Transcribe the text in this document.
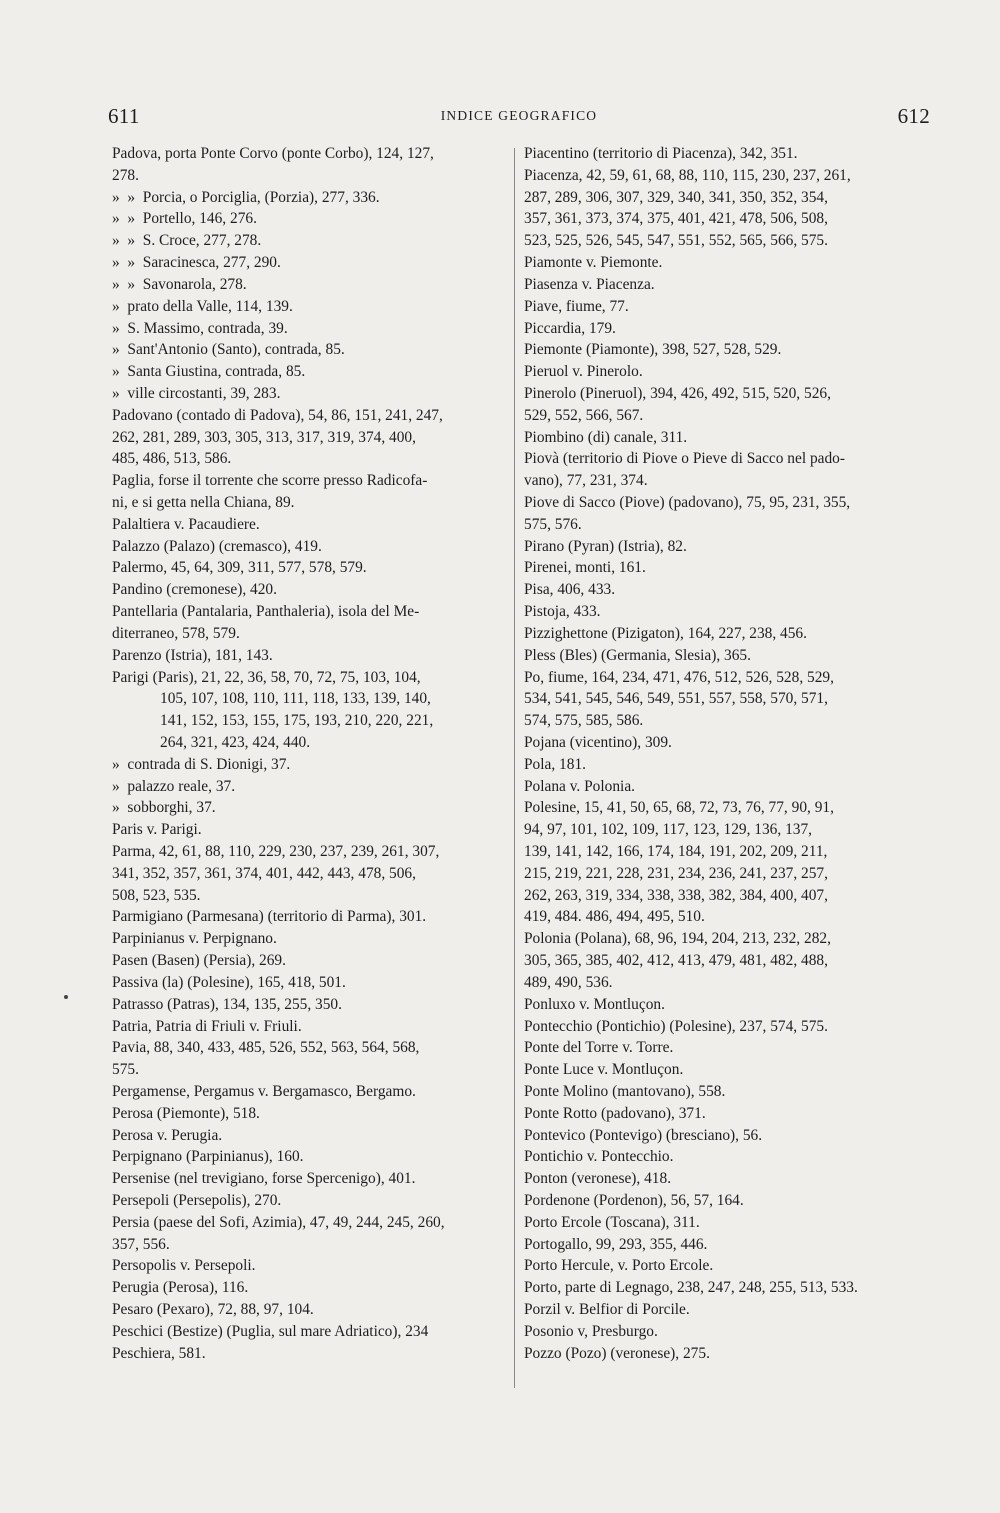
611	INDICE GEOGRAFICO	612
Padova, porta Ponte Corvo (ponte Corbo), 124, 127,
278.
»  »  Porcia, o Porciglia, (Porzia), 277, 336.
»  »  Portello, 146, 276.
»  »  S. Croce, 277, 278.
»  »  Saracinesca, 277, 290.
»  »  Savonarola, 278.
»  prato della Valle, 114, 139.
»  S. Massimo, contrada, 39.
»  Sant'Antonio (Santo), contrada, 85.
»  Santa Giustina, contrada, 85.
»  ville circostanti, 39, 283.
Padovano (contado di Padova), 54, 86, 151, 241, 247,
262, 281, 289, 303, 305, 313, 317, 319, 374, 400,
485, 486, 513, 586.
Paglia, forse il torrente che scorre presso Radicofa-
ni, e si getta nella Chiana, 89.
Palaltiera v. Pacaudiere.
Palazzo (Palazo) (cremasco), 419.
Palermo, 45, 64, 309, 311, 577, 578, 579.
Pandino (cremonese), 420.
Pantellaria (Pantalaria, Panthaleria), isola del Me-
diterraneo, 578, 579.
Parenzo (Istria), 181, 143.
Parigi (Paris), 21, 22, 36, 58, 70, 72, 75, 103, 104,
105, 107, 108, 110, 111, 118, 133, 139, 140,
141, 152, 153, 155, 175, 193, 210, 220, 221,
264, 321, 423, 424, 440.
»  contrada di S. Dionigi, 37.
»  palazzo reale, 37.
»  sobborghi, 37.
Paris v. Parigi.
Parma, 42, 61, 88, 110, 229, 230, 237, 239, 261, 307,
341, 352, 357, 361, 374, 401, 442, 443, 478, 506,
508, 523, 535.
Parmigiano (Parmesana) (territorio di Parma), 301.
Parpinianus v. Perpignano.
Pasen (Basen) (Persia), 269.
Passiva (la) (Polesine), 165, 418, 501.
Patrasso (Patras), 134, 135, 255, 350.
Patria, Patria di Friuli v. Friuli.
Pavia, 88, 340, 433, 485, 526, 552, 563, 564, 568,
575.
Pergamense, Pergamus v. Bergamasco, Bergamo.
Perosa (Piemonte), 518.
Perosa v. Perugia.
Perpignano (Parpinianus), 160.
Persenise (nel trevigiano, forse Spercenigo), 401.
Persepoli (Persepolis), 270.
Persia (paese del Sofi, Azimia), 47, 49, 244, 245, 260,
357, 556.
Persopolis v. Persepoli.
Perugia (Perosa), 116.
Pesaro (Pexaro), 72, 88, 97, 104.
Peschici (Bestize) (Puglia, sul mare Adriatico), 234
Peschiera, 581.
Piacentino (territorio di Piacenza), 342, 351.
Piacenza, 42, 59, 61, 68, 88, 110, 115, 230, 237, 261,
287, 289, 306, 307, 329, 340, 341, 350, 352, 354,
357, 361, 373, 374, 375, 401, 421, 478, 506, 508,
523, 525, 526, 545, 547, 551, 552, 565, 566, 575.
Piamonte v. Piemonte.
Piasenza v. Piacenza.
Piave, fiume, 77.
Piccardia, 179.
Piemonte (Piamonte), 398, 527, 528, 529.
Pieruol v. Pinerolo.
Pinerolo (Pineruol), 394, 426, 492, 515, 520, 526,
529, 552, 566, 567.
Piombino (di) canale, 311.
Piovà (territorio di Piove o Pieve di Sacco nel pado-
vano), 77, 231, 374.
Piove di Sacco (Piove) (padovano), 75, 95, 231, 355,
575, 576.
Pirano (Pyran) (Istria), 82.
Pirenei, monti, 161.
Pisa, 406, 433.
Pistoja, 433.
Pizzighettone (Pizigaton), 164, 227, 238, 456.
Pless (Bles) (Germania, Slesia), 365.
Po, fiume, 164, 234, 471, 476, 512, 526, 528, 529,
534, 541, 545, 546, 549, 551, 557, 558, 570, 571,
574, 575, 585, 586.
Pojana (vicentino), 309.
Pola, 181.
Polana v. Polonia.
Polesine, 15, 41, 50, 65, 68, 72, 73, 76, 77, 90, 91,
94, 97, 101, 102, 109, 117, 123, 129, 136, 137,
139, 141, 142, 166, 174, 184, 191, 202, 209, 211,
215, 219, 221, 228, 231, 234, 236, 241, 237, 257,
262, 263, 319, 334, 338, 338, 382, 384, 400, 407,
419, 484. 486, 494, 495, 510.
Polonia (Polana), 68, 96, 194, 204, 213, 232, 282,
305, 365, 385, 402, 412, 413, 479, 481, 482, 488,
489, 490, 536.
Ponluxo v. Montluçon.
Pontecchio (Pontichio) (Polesine), 237, 574, 575.
Ponte del Torre v. Torre.
Ponte Luce v. Montluçon.
Ponte Molino (mantovano), 558.
Ponte Rotto (padovano), 371.
Pontevico (Pontevigo) (bresciano), 56.
Pontichio v. Pontecchio.
Ponton (veronese), 418.
Pordenone (Pordenon), 56, 57, 164.
Porto Ercole (Toscana), 311.
Portogallo, 99, 293, 355, 446.
Porto Hercule, v. Porto Ercole.
Porto, parte di Legnago, 238, 247, 248, 255, 513, 533.
Porzil v. Belfior di Porcile.
Posonio v, Presburgo.
Pozzo (Pozo) (veronese), 275.
